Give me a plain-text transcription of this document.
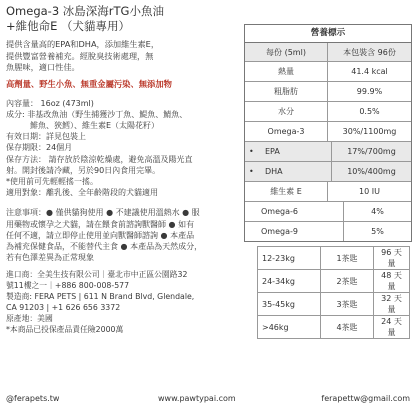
Omega-3 冰島深海rTG小魚油
+維他命E （犬貓專用）
提供含量高的EPA和DHA，添加維生素E，
提供豐富營養補充。經脫臭技術處理，無
魚腥味，適口性佳。
高劑量、野生小魚、無重金屬污染、無添加物
內容量： 16oz (473ml)
成分: 非基改魚油（野生捕獲沙丁魚、鯷魚、鯖魚、
　　　鯡魚、狹鱈）、維生素E（太陽花籽）
有效日期：詳見包裝上
保存期限：24個月
保存方法： 請存放於陰涼乾燥處，避免高溫及陽光直
射。開封後請冷藏，另於90日內食用完畢。
*使用前可先輕輕搖一搖。
適用對象：離乳後、全年齡階段的犬貓適用
注意事項：● 僅供貓狗使用 ● 不建議使用溫熱水 ● 服
用藥物或懷孕之犬貓，請在餵食前諮詢獸醫師 ● 如有
任何不適，請立即停止使用並向獸醫師諮詢 ● 本產品
為補充保健食品，不能替代主食 ● 本產品為天然成分，
若有色澤差異為正常現象
進口商：全美生技有限公司｜臺北市中正區公園路32
號11樓之一｜+886 800-008-577
製造商: FERA PETS | 611 N Brand Blvd, Glendale,
CA 91203 | +1 626 656 3372
原產地：美國
*本商品已投保產品責任險2000萬
營養標示
每份 (5ml)	本包裝含 96份
熱量	41.4 kcal
粗脂肪	99.9%
水分	0.5%
Omega-3	30%/1100mg
•	EPA	17%/700mg
•	DHA	10%/400mg
維生素 E	10 IU
Omega-6	4%
Omega-9	5%
12-23kg	1茶匙	96 天量
24-34kg	2茶匙	48 天量
35-45kg	3茶匙	32 天量
>46kg	4茶匙	24 天量
@ferapets.tw	www.pawtypai.com	ferapettw@gmail.com
